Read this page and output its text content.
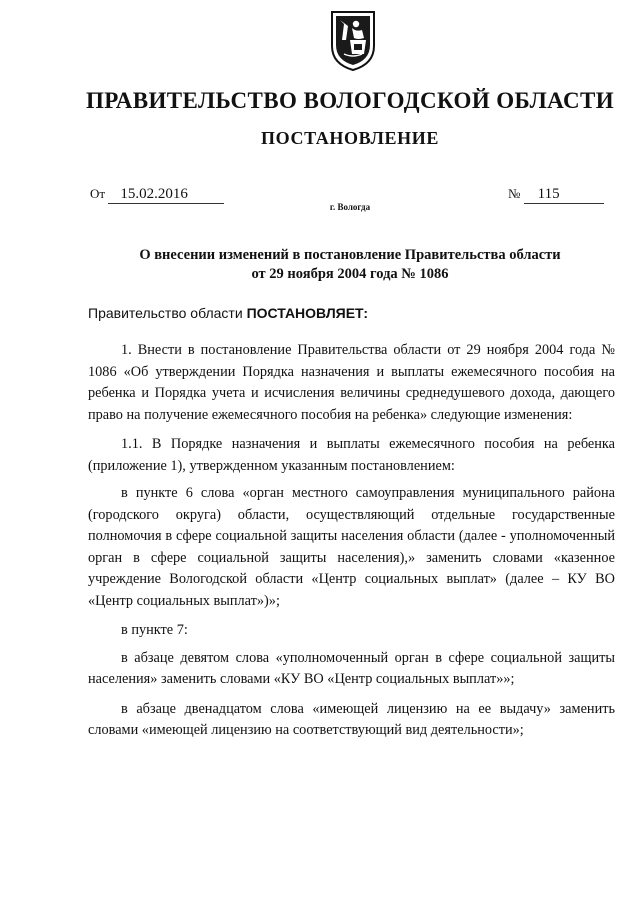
ПРАВИТЕЛЬСТВО ВОЛОГОДСКОЙ ОБЛАСТИ
ПОСТАНОВЛЕНИЕ
От 15.02.2016	№ 115
г. Вологда
О внесении изменений в постановление Правительства области
от 29 ноября 2004 года № 1086
Правительство области ПОСТАНОВЛЯЕТ:

1. Внести в постановление Правительства области от 29 ноября 2004 года № 1086 «Об утверждении Порядка назначения и выплаты ежемесячного пособия на ребенка и Порядка учета и исчисления величины среднедушевого дохода, дающего право на получение ежемесячного пособия на ребенка» следующие изменения:

1.1. В Порядке назначения и выплаты ежемесячного пособия на ребенка (приложение 1), утвержденном указанным постановлением:

в пункте 6 слова «орган местного самоуправления муниципального района (городского округа) области, осуществляющий отдельные государственные полномочия в сфере социальной защиты населения области (далее - уполномоченный орган в сфере социальной защиты населения),» заменить словами «казенное учреждение Вологодской области «Центр социальных выплат» (далее – КУ ВО «Центр социальных выплат»)»;

в пункте 7:

в абзаце девятом слова «уполномоченный орган в сфере социальной защиты населения» заменить словами «КУ ВО «Центр социальных выплат»»;

в абзаце двенадцатом слова «имеющей лицензию на ее выдачу» заменить словами «имеющей лицензию на соответствующий вид деятельности»;
